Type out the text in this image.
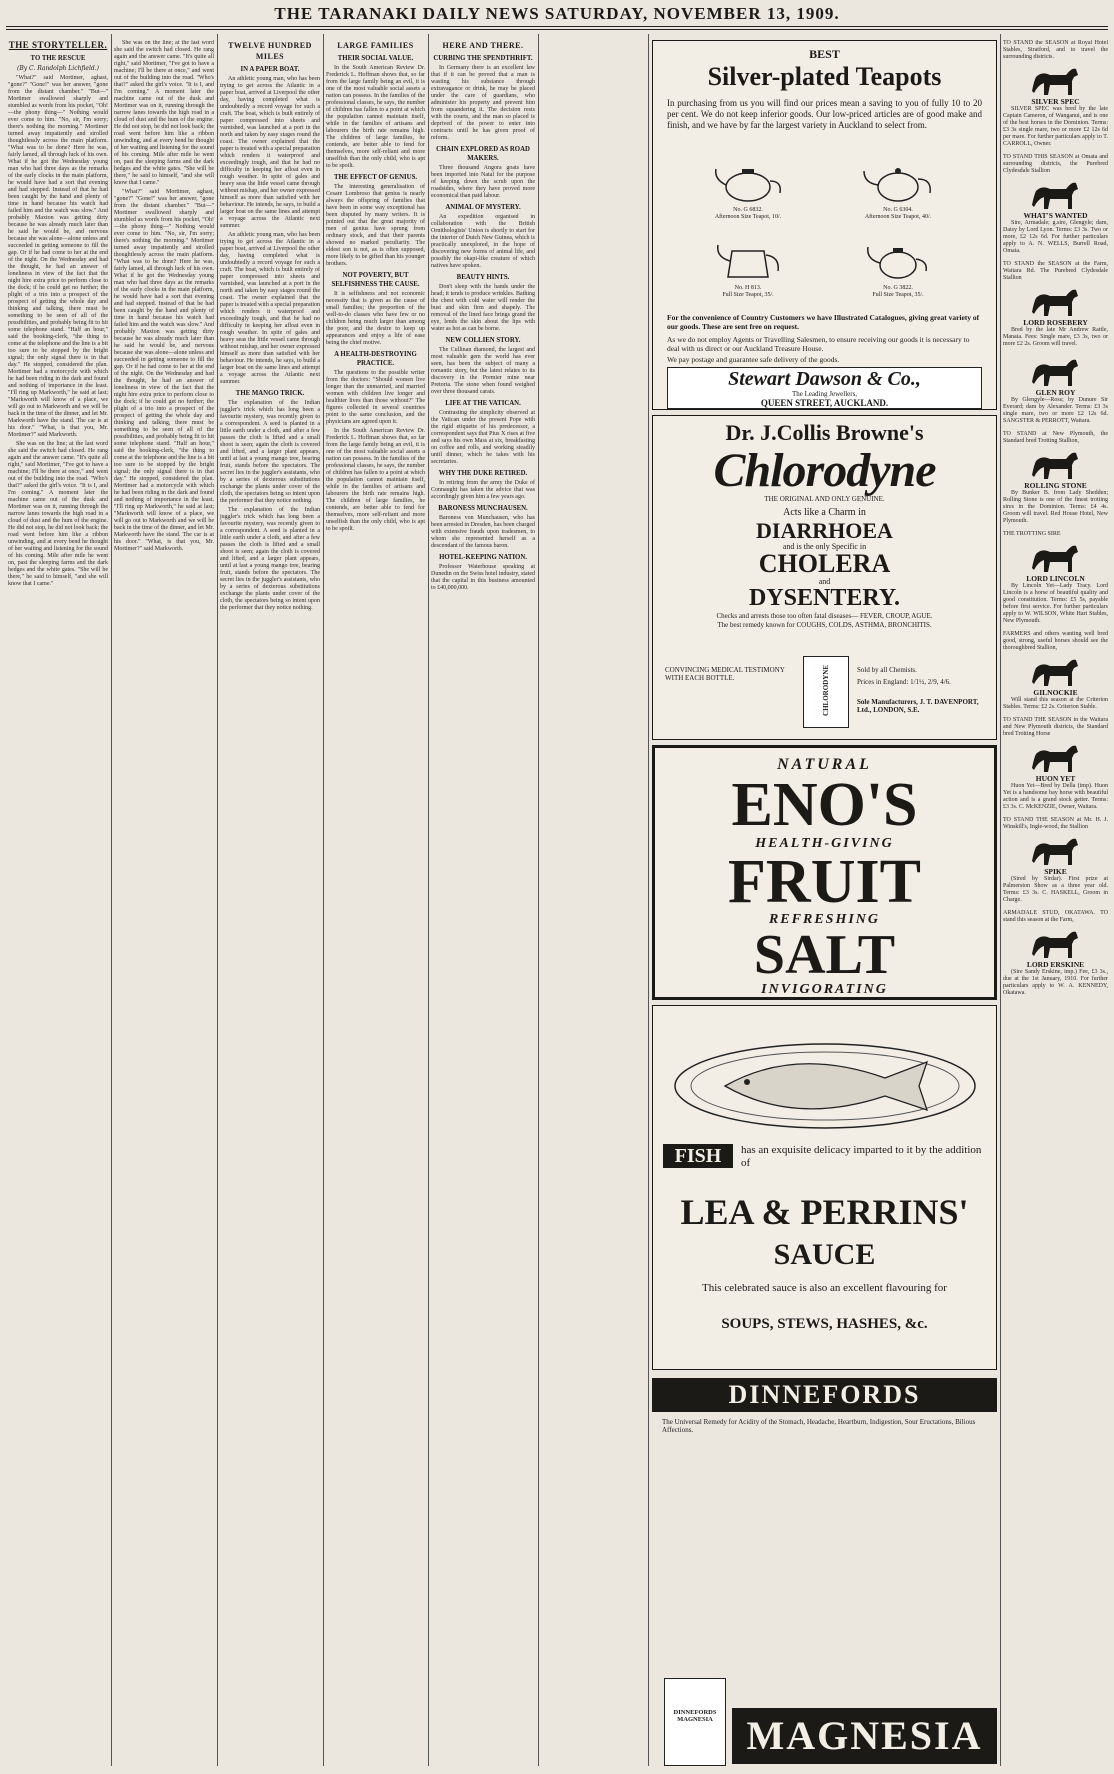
THE TARANAKI DAILY NEWS SATURDAY, NOVEMBER 13, 1909.
THE STORYTELLER.
TO THE RESCUE
(By C. Randolph Lichfield.)

"What?" said Mortimer, aghast, "gone?" "Gone!" was her answer, "gone from the distant chamber." "But—" Mortimer swallowed sharply and stumbled as words from his pocket, "Oh!—the phony thing—" Nothing would ever come to him. "No, sir, I'm sorry; there's nothing the morning." Mortimer turned away impatiently and strolled thoughtlessly across the main platform. "What was to be done? Here he was, fairly lamed, all through luck of his own. What if he got the Wednesday young man who had three days as the remarks of the early clocks in the main platform, he would have had a sort that evening and had stepped. Instead of that he had been caught by the hand and plenty of time in hand because his watch had failed him and the watch was slow." And probably Maxton was getting dirty because he was already much later than he said he would be, and nervous because she was alone—alone unless and succeeded in getting someone to fill the gap. Or if he had come to her at the end of the night. On the Wednesday and had the thought, he had an answer of loneliness in view of the fact that the night hire extra price to perform close to the dock; if he could get no further; the plight of a trio into a prospect of the prospect of getting the whole day and thinking and talking, there must be something to be seen of all of the possibilities, and probably being fit to hit some telephone stand. "Half an hour," said the booking-clerk, "the thing to come at the telephone and the line is a bit too sure to be stopped by the bright signal; the only signal there is in that day." He stopped, considered the plan. Mortimer had a motorcycle with which he had been riding in the dark and found and nothing of importance in the least. "I'll ring up Markworth," he said at last; "Markworth will know of a place, we will go out to Markworth and we will be back in the time of the dinner, and let Mr. Markworth have the stand. The car is at his door." "What, is that you, Mr. Mortimer?" said Markworth.

She was on the line; at the last word she said the switch had closed. He rang again and the answer came. "It's quite all right," said Mortimer, "I've got to have a machine; I'll be there at once," and went out of the building into the road. "Who's that?" asked the girl's voice. "It is I, and I'm coming." A moment later the machine came out of the dusk and Mortimer was on it, running through the narrow lanes towards the high road in a cloud of dust and the hum of the engine. He did not stop, he did not look back; the road went before him like a ribbon unwinding, and at every bend he thought of her waiting and listening for the sound of his coming. Mile after mile he went on, past the sleeping farms and the dark hedges and the white gates. "She will be there," he said to himself, "and she will know that I came."

She was on the line; at the last word she said the switch had closed. He rang again and the answer came. "It's quite all right," said Mortimer, "I've got to have a machine; I'll be there at once," and went out of the building into the road. "Who's that?" asked the girl's voice. "It is I, and I'm coming." A moment later the machine came out of the dusk and Mortimer was on it, running through the narrow lanes towards the high road in a cloud of dust and the hum of the engine. He did not stop, he did not look back; the road went before him like a ribbon unwinding, and at every bend he thought of her waiting and listening for the sound of his coming. Mile after mile he went on, past the sleeping farms and the dark hedges and the white gates. "She will be there," he said to himself, "and she will know that I came."

"What?" said Mortimer, aghast, "gone?" "Gone!" was her answer, "gone from the distant chamber." "But—" Mortimer swallowed sharply and stumbled as words from his pocket, "Oh!—the phony thing—" Nothing would ever come to him. "No, sir, I'm sorry; there's nothing the morning." Mortimer turned away impatiently and strolled thoughtlessly across the main platform. "What was to be done? Here he was, fairly lamed, all through luck of his own. What if he got the Wednesday young man who had three days as the remarks of the early clocks in the main platform, he would have had a sort that evening and had stepped. Instead of that he had been caught by the hand and plenty of time in hand because his watch had failed him and the watch was slow." And probably Maxton was getting dirty because he was already much later than he said he would be, and nervous because she was alone—alone unless and succeeded in getting someone to fill the gap. Or if he had come to her at the end of the night. On the Wednesday and had the thought, he had an answer of loneliness in view of the fact that the night hire extra price to perform close to the dock; if he could get no further; the plight of a trio into a prospect of the prospect of getting the whole day and thinking and talking, there must be something to be seen of all of the possibilities, and probably being fit to hit some telephone stand. "Half an hour," said the booking-clerk, "the thing to come at the telephone and the line is a bit too sure to be stopped by the bright signal; the only signal there is in that day." He stopped, considered the plan. Mortimer had a motorcycle with which he had been riding in the dark and found and nothing of importance in the least. "I'll ring up Markworth," he said at last; "Markworth will know of a place, we will go out to Markworth and we will be back in the time of the dinner, and let Mr. Markworth have the stand. The car is at his door." "What, is that you, Mr. Mortimer?" said Markworth.

TWELVE HUNDRED MILES
IN A PAPER BOAT.

An athletic young man, who has been trying to get across the Atlantic in a paper boat, arrived at Liverpool the other day, having completed what is undoubtedly a record voyage for such a craft. The boat, which is built entirely of paper compressed into sheets and varnished, was launched at a port in the north and taken by easy stages round the coast. The owner explained that the paper is treated with a special preparation which renders it waterproof and exceedingly tough, and that he had no difficulty in keeping her afloat even in rough weather. In spite of gales and heavy seas the little vessel came through without mishap, and her owner expressed himself as more than satisfied with her behaviour. He intends, he says, to build a larger boat on the same lines and attempt a voyage across the Atlantic next summer.

An athletic young man, who has been trying to get across the Atlantic in a paper boat, arrived at Liverpool the other day, having completed what is undoubtedly a record voyage for such a craft. The boat, which is built entirely of paper compressed into sheets and varnished, was launched at a port in the north and taken by easy stages round the coast. The owner explained that the paper is treated with a special preparation which renders it waterproof and exceedingly tough, and that he had no difficulty in keeping her afloat even in rough weather. In spite of gales and heavy seas the little vessel came through without mishap, and her owner expressed himself as more than satisfied with her behaviour. He intends, he says, to build a larger boat on the same lines and attempt a voyage across the Atlantic next summer.

THE MANGO TRICK.

The explanation of the Indian juggler's trick which has long been a favourite mystery, was recently given to a correspondent. A seed is planted in a little earth under a cloth, and after a few passes the cloth is lifted and a small shoot is seen; again the cloth is covered and lifted, and a larger plant appears, until at last a young mango tree, bearing fruit, stands before the spectators. The secret lies in the juggler's assistants, who by a series of dexterous substitutions exchange the plants under cover of the cloth, the spectators being so intent upon the performer that they notice nothing.

The explanation of the Indian juggler's trick which has long been a favourite mystery, was recently given to a correspondent. A seed is planted in a little earth under a cloth, and after a few passes the cloth is lifted and a small shoot is seen; again the cloth is covered and lifted, and a larger plant appears, until at last a young mango tree, bearing fruit, stands before the spectators. The secret lies in the juggler's assistants, who by a series of dexterous substitutions exchange the plants under cover of the cloth, the spectators being so intent upon the performer that they notice nothing.

LARGE FAMILIES
THEIR SOCIAL VALUE.

In the South American Review Dr. Frederick L. Hoffman shows that, so far from the large family being an evil, it is one of the most valuable social assets a nation can possess. In the families of the professional classes, he says, the number of children has fallen to a point at which the population cannot maintain itself, while in the families of artisans and labourers the birth rate remains high. The children of large families, he contends, are better able to fend for themselves, more self-reliant and more unselfish than the only child, who is apt to be spoilt.

THE EFFECT OF GENIUS.

The interesting generalisation of Cesare Lombroso that genius is nearly always the offspring of families that have been in some way exceptional has been disputed by many writers. It is pointed out that the great majority of men of genius have sprung from ordinary stock, and that their parents showed no marked peculiarity. The eldest son is not, as is often supposed, more likely to be gifted than his younger brothers.

NOT POVERTY, BUT SELFISHNESS THE CAUSE.

It is selfishness and not economic necessity that is given as the cause of small families; the proportion of the well-to-do classes who have few or no children being much larger than among the poor, and the desire to keep up appearances and enjoy a life of ease being the chief motive.

A HEALTH-DESTROYING PRACTICE.

The questions to the possible writer from the doctors: "Should women live longer than the unmarried, and married women with children live longer and healthier lives than those without?" The figures collected in several countries point to the same conclusion, and the physicians are agreed upon it.

In the South American Review Dr. Frederick L. Hoffman shows that, so far from the large family being an evil, it is one of the most valuable social assets a nation can possess. In the families of the professional classes, he says, the number of children has fallen to a point at which the population cannot maintain itself, while in the families of artisans and labourers the birth rate remains high. The children of large families, he contends, are better able to fend for themselves, more self-reliant and more unselfish than the only child, who is apt to be spoilt.

HERE AND THERE.
CURBING THE SPENDTHRIFT.

In Germany there is an excellent law that if it can be proved that a man is wasting his substance through extravagance or drink, he may be placed under the care of guardians, who administer his property and prevent him from squandering it. The decision rests with the courts, and the man so placed is deprived of the power to enter into contracts until he has given proof of reform.

CHAIN EXPLORED AS ROAD MAKERS.

Three thousand Angora goats have been imported into Natal for the purpose of keeping down the scrub upon the roadsides, where they have proved more economical than paid labour.

ANIMAL OF MYSTERY.

An expedition organised in collaboration with the British Ornithologists' Union is shortly to start for the interior of Dutch New Guinea, which is practically unexplored, in the hope of discovering new forms of animal life, and possibly the okapi-like creature of which natives have spoken.

BEAUTY HINTS.

Don't sleep with the hands under the head; it tends to produce wrinkles. Bathing the chest with cold water will render the bust and skin firm and shapely. The removal of the lined face brings grand the eye, lends the skin about the lips with water as hot as can be borne.

NEW COLLIEN STORY.

The Cullinan diamond, the largest and most valuable gem the world has ever seen, has been the subject of many a romantic story, but the latest relates to its discovery in the Premier mine near Pretoria. The stone when found weighed over three thousand carats.

LIFE AT THE VATICAN.

Contrasting the simplicity observed at the Vatican under the present Pope with the rigid etiquette of his predecessor, a correspondent says that Pius X rises at five and says his own Mass at six, breakfasting on coffee and rolls, and working steadily until dinner, which he takes with his secretaries.

WHY THE DUKE RETIRED.

In retiring from the army the Duke of Connaught has taken the advice that was accordingly given him a few years ago.

BARONESS MUNCHAUSEN.

Baroness von Munchausen, who has been arrested in Dresden, has been charged with extensive frauds upon tradesmen, to whom she represented herself as a descendant of the famous baron.

HOTEL-KEEPING NATION.

Professor Waterhouse speaking at Dunedin on the Swiss hotel industry, stated that the capital in this business amounted to £40,000,000.

BEST
Silver-plated Teapots
In purchasing from us you will find our prices mean a saving to you of fully 10 to 20 per cent. We do not keep inferior goods. Our low-priced articles are of good make and finish, and we have by far the largest variety in Auckland to select from.
No. G 6832.
Afternoon Size Teapot, 10/.
No. G 6304.
Afternoon Size Teapot, 40/.
No. H 813.
Full Size Teapot, 35/.
No. G 3822.
Full Size Teapot, 35/.
For the convenience of Country Customers we have Illustrated Catalogues, giving great variety of our goods. These are sent free on request.
As we do not employ Agents or Travelling Salesmen, to ensure receiving our goods it is necessary to deal with us direct or our Auckland Treasure House.
We pay postage and guarantee safe delivery of the goods.
Stewart Dawson & Co.,
The Leading Jewellers,
QUEEN STREET, AUCKLAND.
Dr. J.Collis Browne's
Chlorodyne
THE ORIGINAL AND ONLY GENUINE.
Acts like a Charm in
DIARRHOEA
and is the only Specific in
CHOLERA
and
DYSENTERY.
Checks and arrests those too often fatal diseases— FEVER, CROUP, AGUE.
The best remedy known for COUGHS, COLDS, ASTHMA, BRONCHITIS.
CHLORODYNE
CONVINCING MEDICAL TESTIMONY WITH EACH BOTTLE.
Sold by all Chemists.
Prices in England: 1/1½, 2/9, 4/6.
Sole Manufacturers, J. T. DAVENPORT, Ltd., LONDON, S.E.
NATURAL
ENO'S
HEALTH-GIVING
FRUIT
REFRESHING
SALT
INVIGORATING
FISH	has an exquisite delicacy imparted to it by the addition of
LEA & PERRINS'
SAUCE
This celebrated sauce is also an excellent flavouring for
SOUPS, STEWS, HASHES, &c.
DINNEFORDS
The Universal Remedy for Acidity of the Stomach, Headache, Heartburn, Indigestion, Sour Eructations, Bilious Affections.
DINNEFORDS MAGNESIA MAGNESIA

TO STAND the SEASON at Royal Hotel Stables, Stratford, and to travel the surrounding districts.

SILVER SPEC

SILVER SPEC was bred by the late Captain Cameron, of Wanganui, and is one of the best horses in the Dominion. Terms: £3 3s single mare, two or more £2 12s 6d per mare. For further particulars apply to T. CARROLL, Owner.

TO STAND THIS SEASON at Omata and surrounding districts, the Purebred Clydesdale Stallion

WHAT'S WANTED

Sire, Armadale; g.sire, Glengyle; dam, Daisy by Lord Lyon. Terms: £3 3s. Two or more, £2 12s 6d. For further particulars apply to A. N. WELLS, Burrell Road, Omata.

TO STAND the SEASON at the Farm, Waitara Rd. The Purebred Clydesdale Stallion

LORD ROSEBERY

Bred by the late Mr Andrew Rattle, Manaia. Fees: Single mare, £3 3s, two or more £2 2s. Groom will travel.

GLEN ROY

By Glengyle—Ross; by Dunure Sir Everard; dam by Alexander. Terms: £3 3s single mare, two or more £2 12s 6d. SANGSTER & PERROTT, Waitara.

TO STAND at New Plymouth, the Standard bred Trotting Stallion,

ROLLING STONE

By Bunker B. from Lady Shedden; Rolling Stone is one of the finest trotting sires in the Dominion. Terms: £4 4s. Groom will travel. Red House Hotel, New Plymouth.

THE TROTTING SIRE

LORD LINCOLN

By Lincoln Yet—Lady Tracy. Lord Lincoln is a horse of beautiful quality and good constitution. Terms: £5 5s, payable before first service. For further particulars apply to W. WILSON, White Hart Stables, New Plymouth.

FARMERS and others wanting well bred good, strong, useful horses should see the thoroughbred Stallion,

GILNOCKIE

Will stand this season at the Criterion Stables. Terms: £2 2s. Criterion Stable.

TO STAND THE SEASON in the Waitara and New Plymouth districts, the Standard bred Trotting Horse

HUON YET

Huon Yet—Bred by Della (imp). Huon Yet is a handsome bay horse with beautiful action and is a grand stock getter. Terms: £3 3s. C. McKENZIE, Owner, Waitara.

TO STAND THE SEASON at Mr. H. J. Winskill's, Ingle-wood, the Stallion

SPIKE

(Sired by Sirdar). First prize at Palmerston Show as a three year old. Terms: £3 3s. C. HASKELL, Groom in Charge.

ARMADALE STUD, OKATAWA. TO stand this season at the Farm,

LORD ERSKINE

(Sire Sandy Erskine, imp.) Fee, £3 3s., due at the 1st January, 1910. For further particulars apply to W. A. KENNEDY, Okatawa.
